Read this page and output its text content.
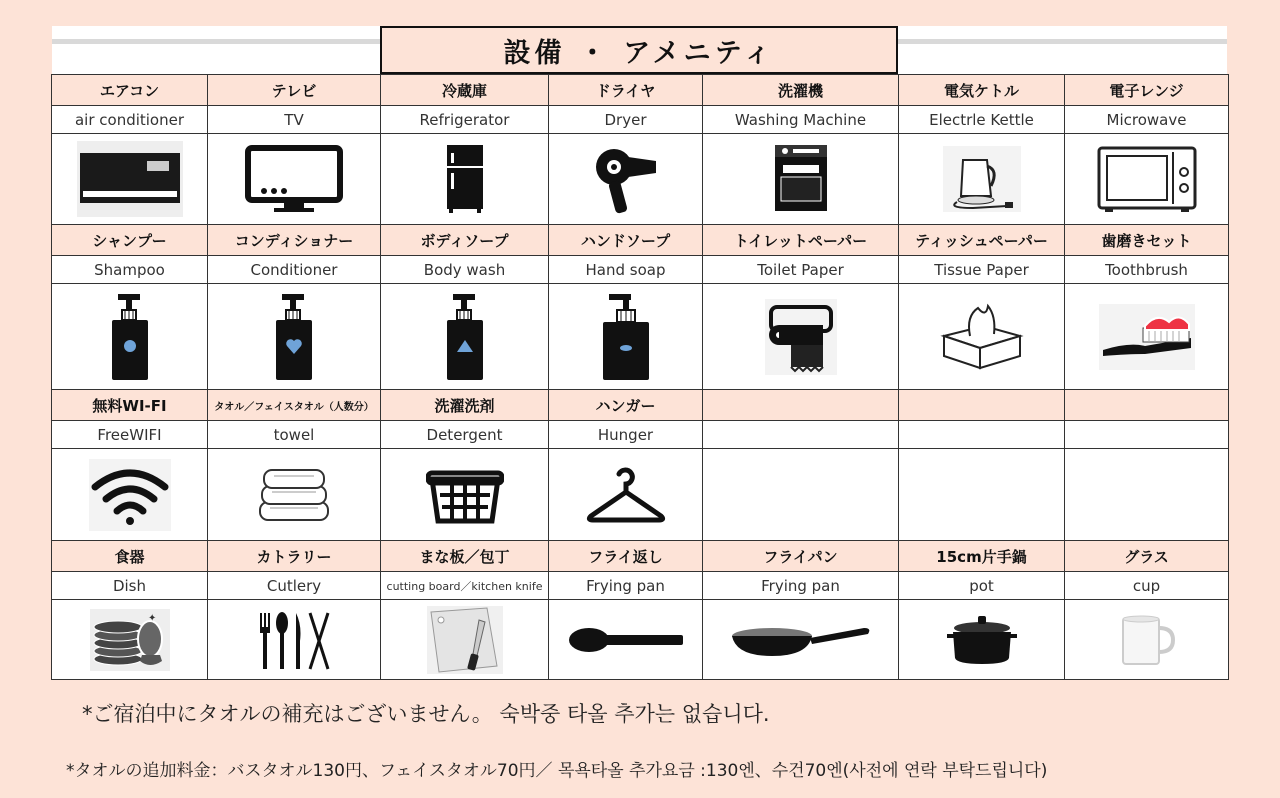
設備 ・ アメニティ
エアコン	テレビ	冷蔵庫	ドライヤ	洗濯機	電気ケトル	電子レンジ
air conditioner	TV	Refrigerator	Dryer	Washing Machine	Electrle Kettle	Microwave

シャンプー	コンディショナー	ボディソープ	ハンドソープ	トイレットペーパー	ティッシュペーパー	歯磨きセット
Shampoo	Conditioner	Body wash	Hand soap	Toilet Paper	Tissue Paper	Toothbrush

無料WI-FI	タオル／フェイスタオル（人数分）	洗濯洗剤	ハンガー			
FreeWIFI	towel	Detergent	Hunger			

食器	カトラリー	まな板／包丁	フライ返し	フライパン	15cm片手鍋	グラス
Dish	Cutlery	cutting board／kitchen knife	Frying pan	Frying pan	pot	cup

✦

*ご宿泊中にタオルの補充はございません。 숙박중 타올 추가는 없습니다.
*タオルの追加料金：バスタオル130円、フェイスタオル70円／ 목욕타올 추가요금 :130엔、수건70엔(사전에 연락 부탁드립니다)
